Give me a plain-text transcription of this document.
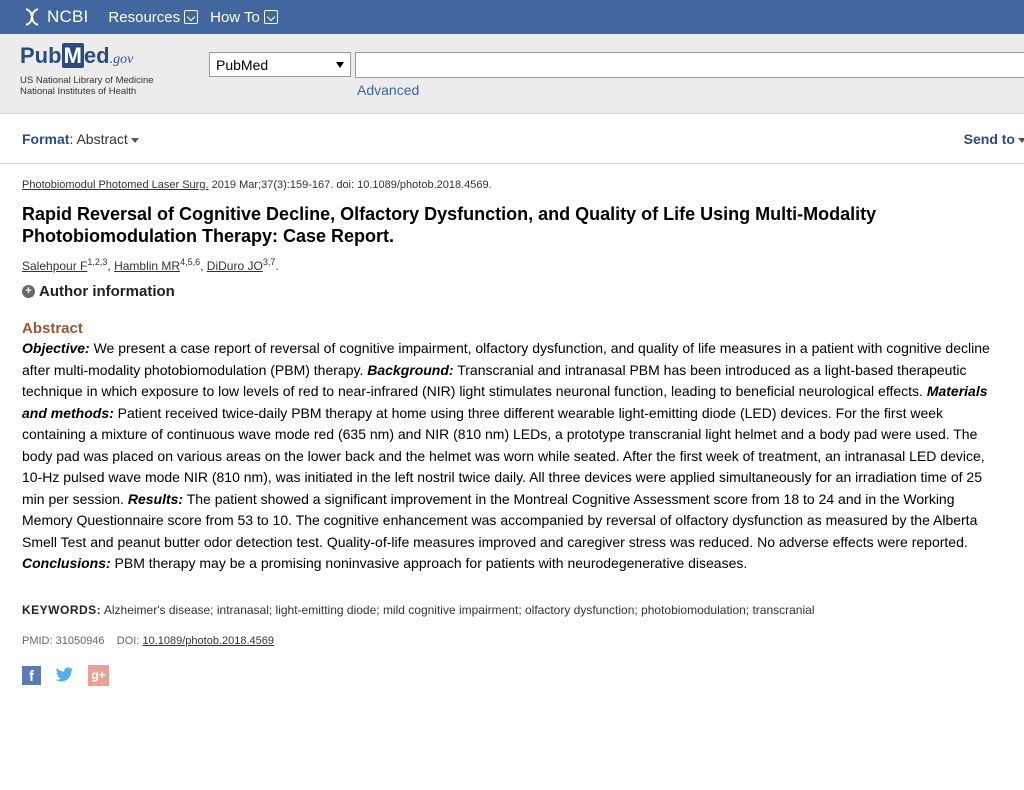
NCBI Resources How To
PubMed.gov
US National Library of Medicine
National Institutes of Health
PubMed
Advanced
Format: Abstract	Send to
Photobiomodul Photomed Laser Surg. 2019 Mar;37(3):159-167. doi: 10.1089/photob.2018.4569.
Rapid Reversal of Cognitive Decline, Olfactory Dysfunction, and Quality of Life Using Multi-Modality Photobiomodulation Therapy: Case Report.
Salehpour F$^{1,2,3}$, Hamblin MR$^{4,5,6}$, DiDuro JO$^{3,7}$.
+ Author information
Abstract
Objective: We present a case report of reversal of cognitive impairment, olfactory dysfunction, and quality of life measures in a patient with cognitive decline after multi-modality photobiomodulation (PBM) therapy. Background: Transcranial and intranasal PBM has been introduced as a light-based therapeutic technique in which exposure to low levels of red to near-infrared (NIR) light stimulates neuronal function, leading to beneficial neurological effects. Materials and methods: Patient received twice-daily PBM therapy at home using three different wearable light-emitting diode (LED) devices. For the first week containing a mixture of continuous wave mode red (635 nm) and NIR (810 nm) LEDs, a prototype transcranial light helmet and a body pad were used. The body pad was placed on various areas on the lower back and the helmet was worn while seated. After the first week of treatment, an intranasal LED device, 10-Hz pulsed wave mode NIR (810 nm), was initiated in the left nostril twice daily. All three devices were applied simultaneously for an irradiation time of 25 min per session. Results: The patient showed a significant improvement in the Montreal Cognitive Assessment score from 18 to 24 and in the Working Memory Questionnaire score from 53 to 10. The cognitive enhancement was accompanied by reversal of olfactory dysfunction as measured by the Alberta Smell Test and peanut butter odor detection test. Quality-of-life measures improved and caregiver stress was reduced. No adverse effects were reported. Conclusions: PBM therapy may be a promising noninvasive approach for patients with neurodegenerative diseases.
KEYWORDS: Alzheimer's disease; intranasal; light-emitting diode; mild cognitive impairment; olfactory dysfunction; photobiomodulation; transcranial
PMID: 31050946 DOI: 10.1089/photob.2018.4569
f	g+
